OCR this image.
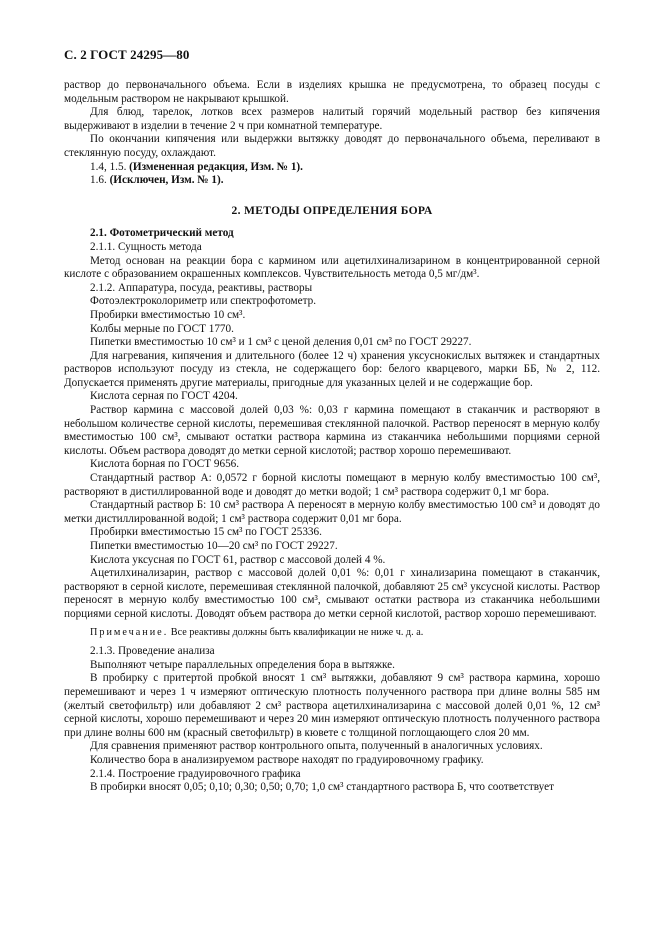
С. 2 ГОСТ 24295—80

раствор до первоначального объема. Если в изделиях крышка не предусмотрена, то образец посуды с модельным раствором не накрывают крышкой.

Для блюд, тарелок, лотков всех размеров налитый горячий модельный раствор без кипячения выдерживают в изделии в течение 2 ч при комнатной температуре.

По окончании кипячения или выдержки вытяжку доводят до первоначального объема, переливают в стеклянную посуду, охлаждают.

1.4, 1.5. (Измененная редакция, Изм. № 1).

1.6. (Исключен, Изм. № 1).

2. МЕТОДЫ ОПРЕДЕЛЕНИЯ БОРА

2.1. Фотометрический метод

2.1.1. Сущность метода

Метод основан на реакции бора с кармином или ацетилхинализарином в концентрированной серной кислоте с образованием окрашенных комплексов. Чувствительность метода 0,5 мг/дм³.

2.1.2. Аппаратура, посуда, реактивы, растворы

Фотоэлектроколориметр или спектрофотометр.

Пробирки вместимостью 10 см³.

Колбы мерные по ГОСТ 1770.

Пипетки вместимостью 10 см³ и 1 см³ с ценой деления 0,01 см³ по ГОСТ 29227.

Для нагревания, кипячения и длительного (более 12 ч) хранения уксуснокислых вытяжек и стандартных растворов используют посуду из стекла, не содержащего бор: белого кварцевого, марки ББ, № 2, 112. Допускается применять другие материалы, пригодные для указанных целей и не содержащие бор.

Кислота серная по ГОСТ 4204.

Раствор кармина с массовой долей 0,03 %: 0,03 г кармина помещают в стаканчик и растворяют в небольшом количестве серной кислоты, перемешивая стеклянной палочкой. Раствор переносят в мерную колбу вместимостью 100 см³, смывают остатки раствора кармина из стаканчика небольшими порциями серной кислоты. Объем раствора доводят до метки серной кислотой; раствор хорошо перемешивают.

Кислота борная по ГОСТ 9656.

Стандартный раствор А: 0,0572 г борной кислоты помещают в мерную колбу вместимостью 100 см³, растворяют в дистиллированной воде и доводят до метки водой; 1 см³ раствора содержит 0,1 мг бора.

Стандартный раствор Б: 10 см³ раствора А переносят в мерную колбу вместимостью 100 см³ и доводят до метки дистиллированной водой; 1 см³ раствора содержит 0,01 мг бора.

Пробирки вместимостью 15 см³ по ГОСТ 25336.

Пипетки вместимостью 10—20 см³ по ГОСТ 29227.

Кислота уксусная по ГОСТ 61, раствор с массовой долей 4 %.

Ацетилхинализарин, раствор с массовой долей 0,01 %: 0,01 г хинализарина помещают в стаканчик, растворяют в серной кислоте, перемешивая стеклянной палочкой, добавляют 25 см³ уксусной кислоты. Раствор переносят в мерную колбу вместимостью 100 см³, смывают остатки раствора из стаканчика небольшими порциями серной кислоты. Доводят объем раствора до метки серной кислотой, раствор хорошо перемешивают.

Примечание. Все реактивы должны быть квалификации не ниже ч. д. а.

2.1.3. Проведение анализа

Выполняют четыре параллельных определения бора в вытяжке.

В пробирку с притертой пробкой вносят 1 см³ вытяжки, добавляют 9 см³ раствора кармина, хорошо перемешивают и через 1 ч измеряют оптическую плотность полученного раствора при длине волны 585 нм (желтый светофильтр) или добавляют 2 см³ раствора ацетилхинализарина с массовой долей 0,01 %, 12 см³ серной кислоты, хорошо перемешивают и через 20 мин измеряют оптическую плотность полученного раствора при длине волны 600 нм (красный светофильтр) в кювете с толщиной поглощающего слоя 20 мм.

Для сравнения применяют раствор контрольного опыта, полученный в аналогичных условиях.

Количество бора в анализируемом растворе находят по градуировочному графику.

2.1.4. Построение градуировочного графика

В пробирки вносят 0,05; 0,10; 0,30; 0,50; 0,70; 1,0 см³ стандартного раствора Б, что соответствует
